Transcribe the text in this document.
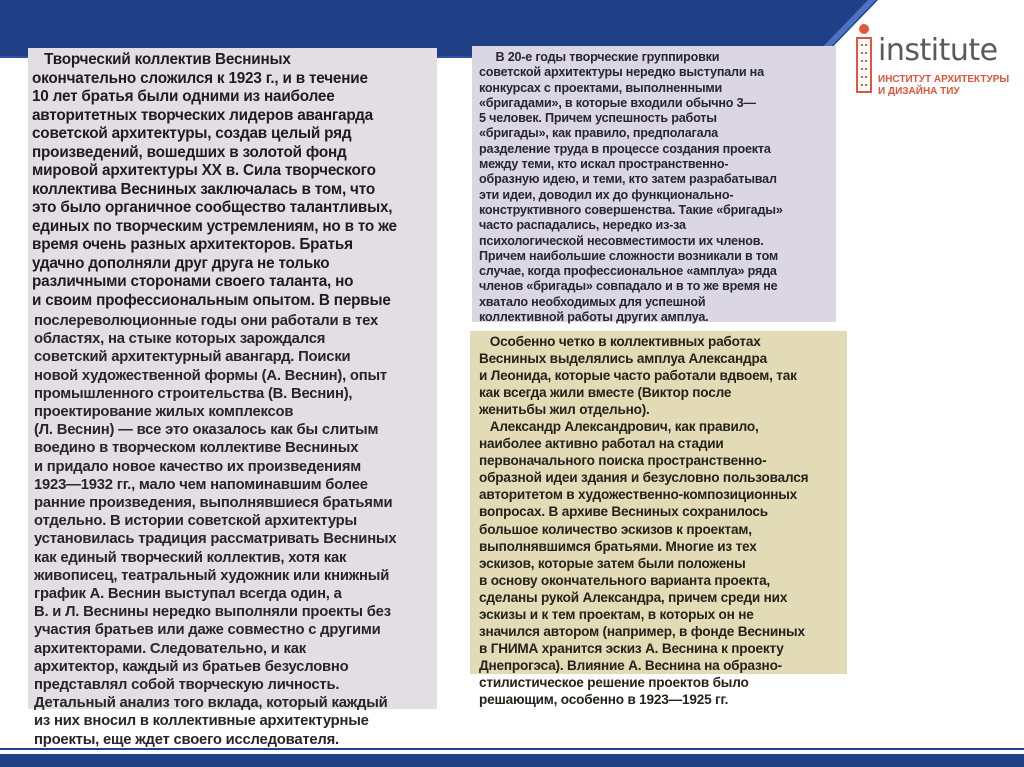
institute
ИНСТИТУТ АРХИТЕКТУРЫ
И ДИЗАЙНА ТИУ

Творческий коллектив Весниных
окончательно сложился к 1923 г., и в течение
10 лет братья были одними из наиболее
авторитетных творческих лидеров авангарда
советской архитектуры, создав целый ряд
произведений, вошедших в золотой фонд
мировой архитектуры XX в. Сила творческого
коллектива Весниных заключалась в том, что
это было органичное сообщество талантливых,
единых по творческим устремлениям, но в то же
время очень разных архитекторов. Братья
удачно дополняли друг друга не только
различными сторонами своего таланта, но
и своим профессиональным опытом. В первые

послереволюционные годы они работали в тех
областях, на стыке которых зарождался
советский архитектурный авангард. Поиски
новой художественной формы (А. Веснин), опыт
промышленного строительства (В. Веснин),
проектирование жилых комплексов
(Л. Веснин) — все это оказалось как бы слитым
воедино в творческом коллективе Весниных
и придало новое качество их произведениям
1923—1932 гг., мало чем напоминавшим более
ранние произведения, выполнявшиеся братьями
отдельно. В истории советской архитектуры
установилась традиция рассматривать Весниных
как единый творческий коллектив, хотя как
живописец, театральный художник или книжный
график А. Веснин выступал всегда один, а
В. и Л. Веснины нередко выполняли проекты без
участия братьев или даже совместно с другими
архитекторами. Следовательно, и как
архитектор, каждый из братьев безусловно
представлял собой творческую личность.
Детальный анализ того вклада, который каждый
из них вносил в коллективные архитектурные
проекты, еще ждет своего исследователя.

В 20-е годы творческие группировки
советской архитектуры нередко выступали на
конкурсах с проектами, выполненными
«бригадами», в которые входили обычно 3—
5 человек. Причем успешность работы
«бригады», как правило, предполагала
разделение труда в процессе создания проекта
между теми, кто искал пространственно-
образную идею, и теми, кто затем разрабатывал
эти идеи, доводил их до функционально-
конструктивного совершенства. Такие «бригады»
часто распадались, нередко из-за
психологической несовместимости их членов.
Причем наибольшие сложности возникали в том
случае, когда профессиональное «амплуа» ряда
членов «бригады» совпадало и в то же время не
хватало необходимых для успешной
коллективной работы других амплуа.

Особенно четко в коллективных работах
Весниных выделялись амплуа Александра
и Леонида, которые часто работали вдвоем, так
как всегда жили вместе (Виктор после
женитьбы жил отдельно).
Александр Александрович, как правило,
наиболее активно работал на стадии
первоначального поиска пространственно-
образной идеи здания и безусловно пользовался
авторитетом в художественно-композиционных
вопросах. В архиве Весниных сохранилось
большое количество эскизов к проектам,
выполнявшимся братьями. Многие из тех
эскизов, которые затем были положены
в основу окончательного варианта проекта,
сделаны рукой Александра, причем среди них
эскизы и к тем проектам, в которых он не
значился автором (например, в фонде Весниных
в ГНИМА хранится эскиз А. Веснина к проекту
Днепрогэса). Влияние А. Веснина на образно-
стилистическое решение проектов было
решающим, особенно в 1923—1925 гг.
